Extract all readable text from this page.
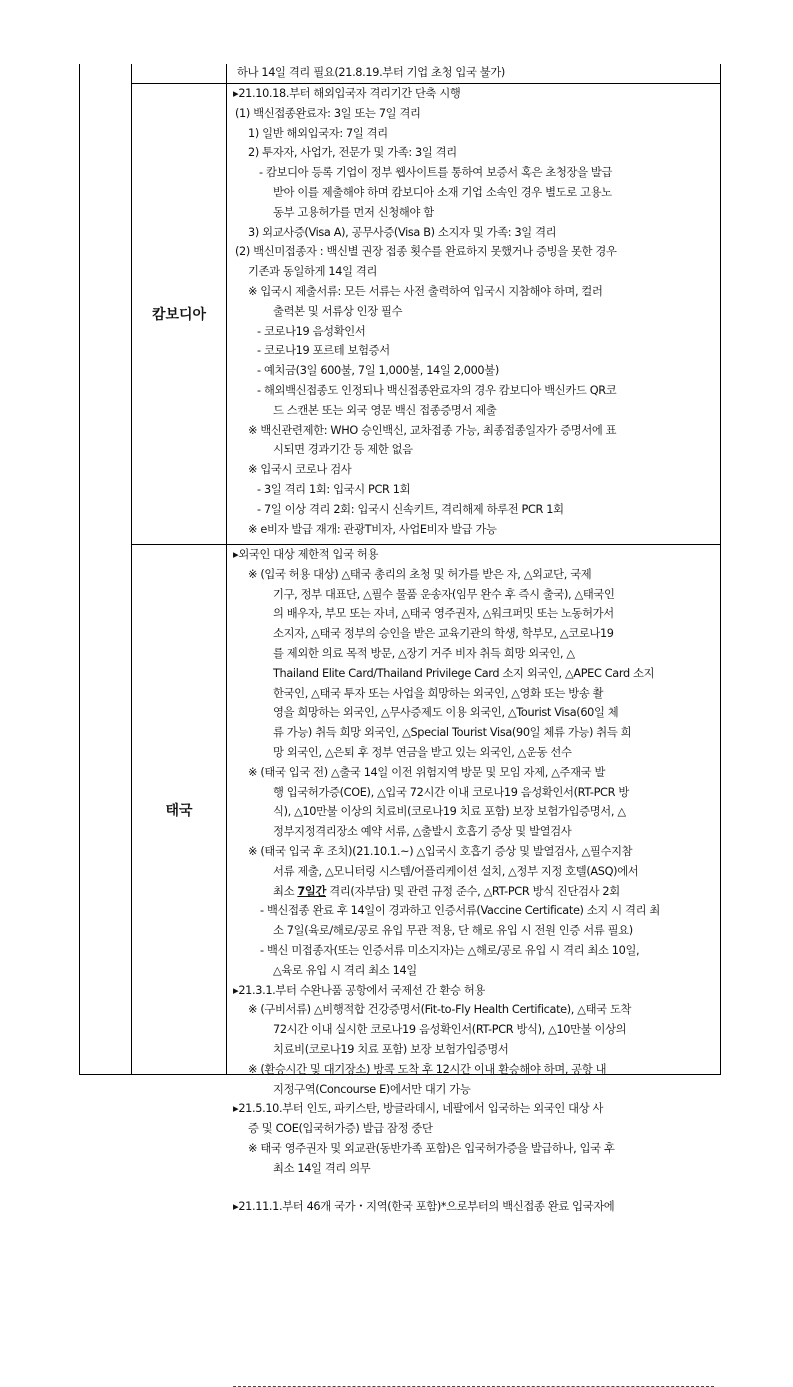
하나 14일 격리 필요(21.8.19.부터 기업 초청 입국 불가)
캄보디아
▸21.10.18.부터 해외입국자 격리기간 단축 시행
(1) 백신접종완료자: 3일 또는 7일 격리
1) 일반 해외입국자: 7일 격리
2) 투자자, 사업가, 전문가 및 가족: 3일 격리
- 캄보디아 등록 기업이 정부 웹사이트를 통하여 보증서 혹은 초청장을 발급
받아 이를 제출해야 하며 캄보디아 소재 기업 소속인 경우 별도로 고용노
동부 고용허가를 먼저 신청해야 함
3) 외교사증(Visa A), 공무사증(Visa B) 소지자 및 가족: 3일 격리
(2) 백신미접종자 : 백신별 권장 접종 횟수를 완료하지 못했거나 증빙을 못한 경우
기존과 동일하게 14일 격리
※ 입국시 제출서류: 모든 서류는 사전 출력하여 입국시 지참해야 하며, 컬러
출력본 및 서류상 인장 필수
- 코로나19 음성확인서
- 코로나19 포르테 보험증서
- 예치금(3일 600불, 7일 1,000불, 14일 2,000불)
- 해외백신접종도 인정되나 백신접종완료자의 경우 캄보디아 백신카드 QR코
드 스캔본 또는 외국 영문 백신 접종증명서 제출
※ 백신관련제한: WHO 승인백신, 교차접종 가능, 최종접종일자가 증명서에 표
시되면 경과기간 등 제한 없음
※ 입국시 코로나 검사
- 3일 격리 1회: 입국시 PCR 1회
- 7일 이상 격리 2회: 입국시 신속키트, 격리해제 하루전 PCR 1회
※ e비자 발급 재개: 관광T비자, 사업E비자 발급 가능
태국
▸외국인 대상 제한적 입국 허용
※ (입국 허용 대상) △태국 총리의 초청 및 허가를 받은 자, △외교단, 국제
기구, 정부 대표단, △필수 물품 운송자(임무 완수 후 즉시 출국), △태국인
의 배우자, 부모 또는 자녀, △태국 영주권자, △워크퍼밋 또는 노동허가서
소지자, △태국 정부의 승인을 받은 교육기관의 학생, 학부모, △코로나19
를 제외한 의료 목적 방문, △장기 거주 비자 취득 희망 외국인, △
Thailand Elite Card/Thailand Privilege Card 소지 외국인, △APEC Card 소지
한국인, △태국 투자 또는 사업을 희망하는 외국인, △영화 또는 방송 촬
영을 희망하는 외국인, △무사증제도 이용 외국인, △Tourist Visa(60일 체
류 가능) 취득 희망 외국인, △Special Tourist Visa(90일 체류 가능) 취득 희
망 외국인, △은퇴 후 정부 연금을 받고 있는 외국인, △운동 선수
※ (태국 입국 전) △출국 14일 이전 위험지역 방문 및 모임 자제, △주재국 발
행 입국허가증(COE), △입국 72시간 이내 코로나19 음성확인서(RT-PCR 방
식), △10만불 이상의 치료비(코로나19 치료 포함) 보장 보험가입증명서, △
정부지정격리장소 예약 서류, △출발시 호흡기 증상 및 발열검사
※ (태국 입국 후 조치)(21.10.1.~) △입국시 호흡기 증상 및 발열검사, △필수지참
서류 제출, △모니터링 시스템/어플리케이션 설치, △정부 지정 호텔(ASQ)에서
최소 7일간 격리(자부담) 및 관련 규정 준수, △RT-PCR 방식 진단검사 2회
- 백신접종 완료 후 14일이 경과하고 인증서류(Vaccine Certificate) 소지 시 격리 최
소 7일(육로/해로/공로 유입 무관 적용, 단 해로 유입 시 전원 인증 서류 필요)
- 백신 미접종자(또는 인증서류 미소지자)는 △해로/공로 유입 시 격리 최소 10일,
△육로 유입 시 격리 최소 14일
▸21.3.1.부터 수완나품 공항에서 국제선 간 환승 허용
※ (구비서류) △비행적합 건강증명서(Fit-to-Fly Health Certificate), △태국 도착
72시간 이내 실시한 코로나19 음성확인서(RT-PCR 방식), △10만불 이상의
치료비(코로나19 치료 포함) 보장 보험가입증명서
※ (환승시간 및 대기장소) 방콕 도착 후 12시간 이내 환승해야 하며, 공항 내
지정구역(Concourse E)에서만 대기 가능
▸21.5.10.부터 인도, 파키스탄, 방글라데시, 네팔에서 입국하는 외국인 대상 사
증 및 COE(입국허가증) 발급 잠정 중단
※ 태국 영주권자 및 외교관(동반가족 포함)은 입국허가증을 발급하나, 입국 후
최소 14일 격리 의무
▸21.11.1.부터 46개 국가・지역(한국 포함)*으로부터의 백신접종 완료 입국자에
